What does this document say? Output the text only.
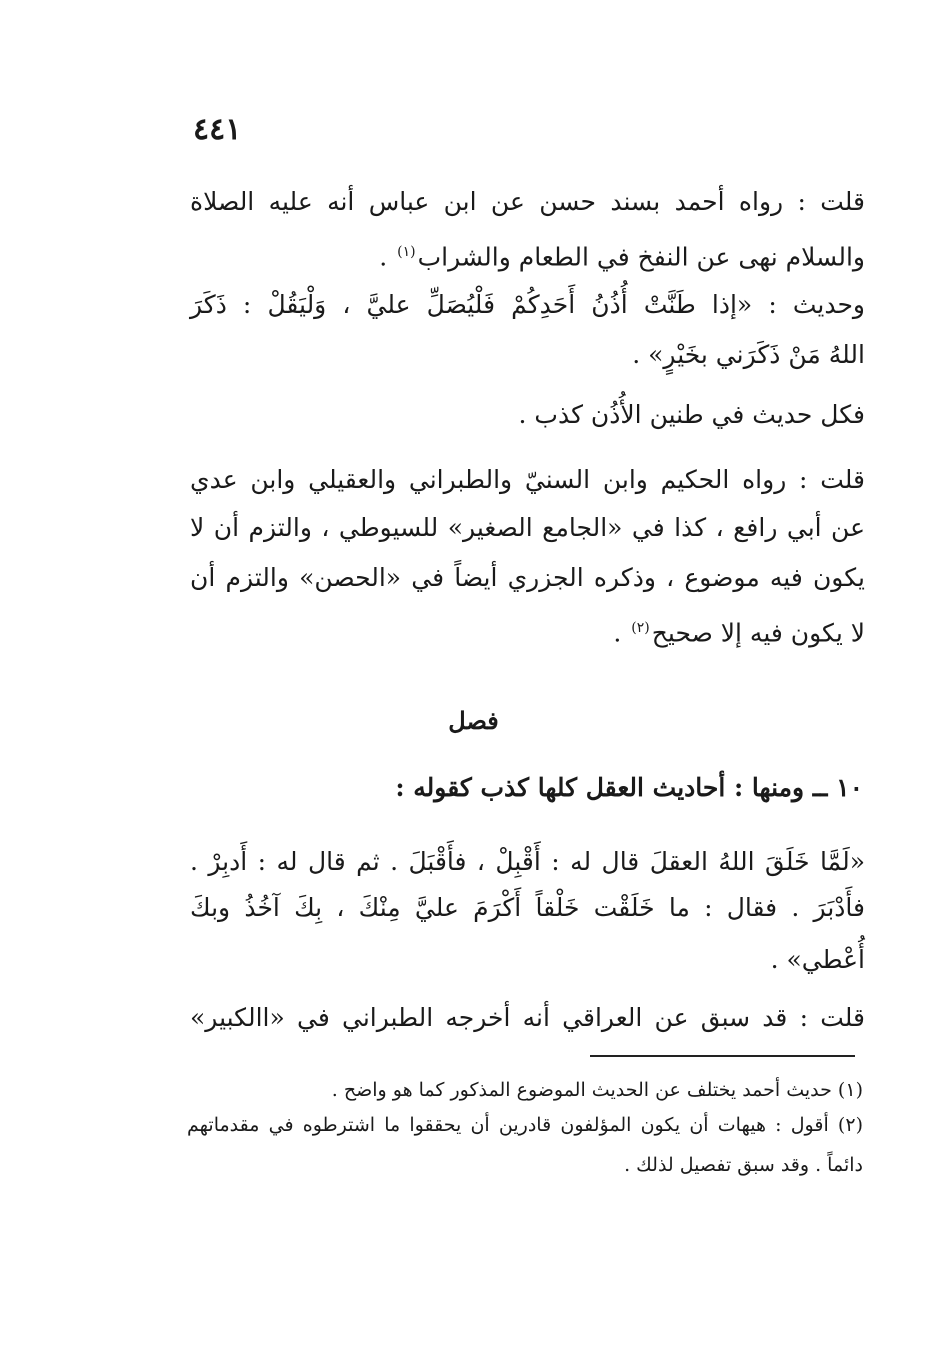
٤٤١
قلت : رواه أحمد بسند حسن عن ابن عباس أنه عليه الصلاة
والسلام نهى عن النفخ في الطعام والشراب$^{(١)}$ .
وحديث : «إذا طَنَّتْ أُذُنُ أَحَدِكُمْ فَلْيُصَلِّ عليَّ ، وَلْيَقُلْ : ذَكَرَ
اللهُ مَنْ ذَكَرَني بخَيْرٍ» .
فكل حديث في طنين الأُذُن كذب .
قلت : رواه الحكيم وابن السنيّ والطبراني والعقيلي وابن عدي
عن أبي رافع ، كذا في «الجامع الصغير» للسيوطي ، والتزم أن لا
يكون فيه موضوع ، وذكره الجزري أيضاً في «الحصن» والتزم أن
لا يكون فيه إلا صحيح$^{(٢)}$ .
فصل
١٠ ــ ومنها : أحاديث العقل كلها كذب كقوله :
«لَمَّا خَلَقَ اللهُ العقلَ قال له : أَقْبِلْ ، فأَقْبَلَ . ثم قال له : أَدبِرْ .
فأَدْبَرَ . فقال : ما خَلَقْت خَلْقاً أَكْرَمَ عليَّ مِنْكَ ، بِكَ آخُذُ وبكَ
أُعْطي» .
قلت : قد سبق عن العراقي أنه أخرجه الطبراني في «االكبير»
(١) حديث أحمد يختلف عن الحديث الموضوع المذكور كما هو واضح .
(٢) أقول : هيهات أن يكون المؤلفون قادرين أن يحققوا ما اشترطوه في مقدماتهم
دائماً . وقد سبق تفصيل لذلك .
